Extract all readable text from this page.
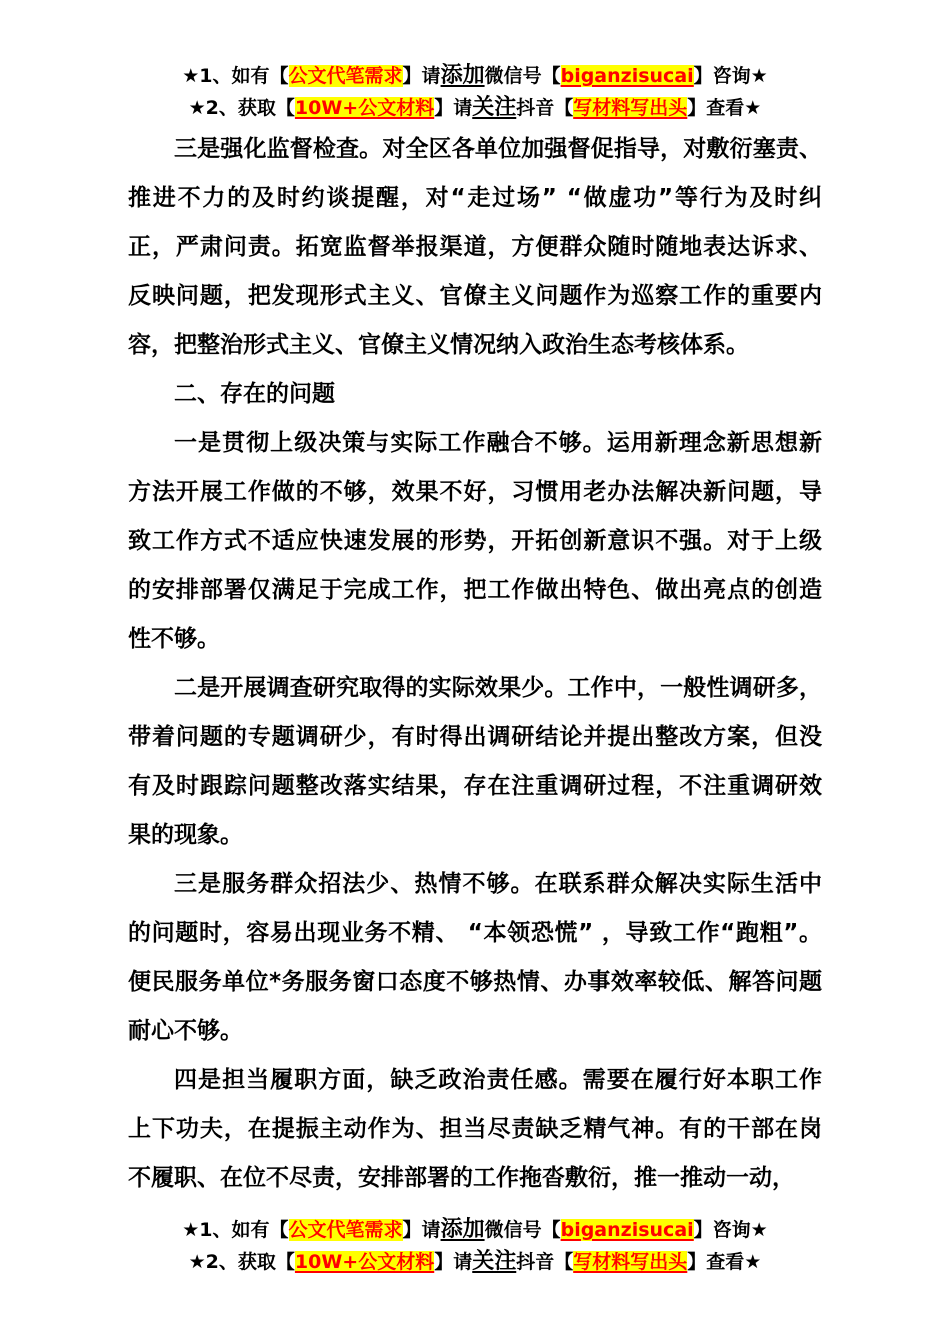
★1、如有【公文代笔需求】请添加微信号【biganzisucai】咨询★
★2、获取【10W+公文材料】请关注抖音【写材料写出头】查看★
三是强化监督检查。对全区各单位加强督促指导，对敷衍塞责、
推进不力的及时约谈提醒，对“走过场” “做虚功”等行为及时纠
正，严肃问责。拓宽监督举报渠道，方便群众随时随地表达诉求、
反映问题，把发现形式主义、官僚主义问题作为巡察工作的重要内
容，把整治形式主义、官僚主义情况纳入政治生态考核体系。
二、存在的问题
一是贯彻上级决策与实际工作融合不够。运用新理念新思想新
方法开展工作做的不够，效果不好，习惯用老办法解决新问题，导
致工作方式不适应快速发展的形势，开拓创新意识不强。对于上级
的安排部署仅满足于完成工作，把工作做出特色、做出亮点的创造
性不够。
二是开展调查研究取得的实际效果少。工作中，一般性调研多，
带着问题的专题调研少，有时得出调研结论并提出整改方案，但没
有及时跟踪问题整改落实结果，存在注重调研过程，不注重调研效
果的现象。
三是服务群众招法少、热情不够。在联系群众解决实际生活中
的问题时，容易出现业务不精、 “本领恐慌” ，导致工作“跑粗”。
便民服务单位*务服务窗口态度不够热情、办事效率较低、解答问题
耐心不够。
四是担当履职方面，缺乏政治责任感。需要在履行好本职工作
上下功夫，在提振主动作为、担当尽责缺乏精气神。有的干部在岗
不履职、在位不尽责，安排部署的工作拖沓敷衍，推一推动一动，
★1、如有【公文代笔需求】请添加微信号【biganzisucai】咨询★
★2、获取【10W+公文材料】请关注抖音【写材料写出头】查看★
